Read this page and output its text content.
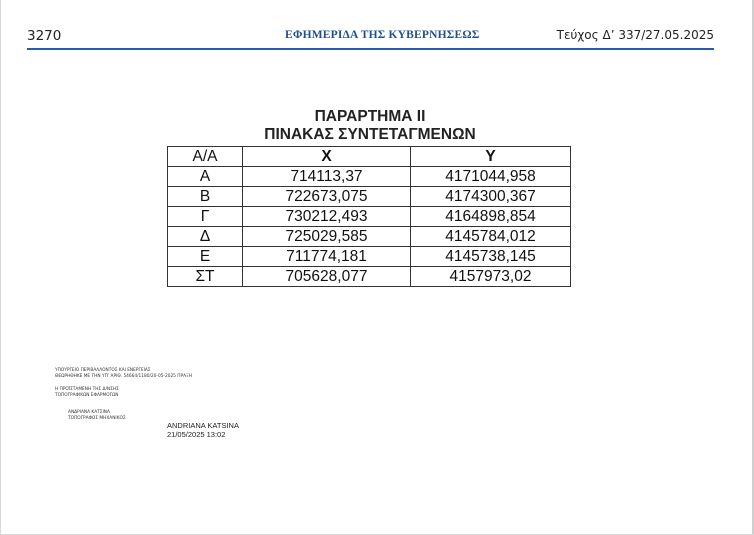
3270	ΕΦΗΜΕΡΙΔΑ ΤΗΣ ΚΥΒΕΡΝΗΣΕΩΣ	Τεύχος Δ’ 337/27.05.2025
ΠΑΡΑΡΤΗΜΑ ΙΙ
ΠΙΝΑΚΑΣ ΣΥΝΤΕΤΑΓΜΕΝΩΝ
Α/Α	X	Y
Α	714113,37	4171044,958
Β	722673,075	4174300,367
Γ	730212,493	4164898,854
Δ	725029,585	4145784,012
Ε	711774,181	4145738,145
ΣΤ	705628,077	4157973,02
ΥΠΟΥΡΓΕΙΟ ΠΕΡΙΒΑΛΛΟΝΤΟΣ ΚΑΙ ΕΝΕΡΓΕΙΑΣ
ΘΕΩΡΗΘΗΚΕ ΜΕ ΤΗΝ ΥΠ’ ΑΡΙΘ. 54664/1180/20-05-2025 ΠΡΑΞΗ
Η ΠΡΟΪΣΤΑΜΕΝΗ ΤΗΣ Δ/ΝΣΗΣ
ΤΟΠΟΓΡΑΦΙΚΩΝ ΕΦΑΡΜΟΓΩΝ
ΑΝΔΡΙΑΝΑ ΚΑΤΣΙΝΑ
ΤΟΠΟΓΡΑΦΟΣ ΜΗΧΑΝΙΚΟΣ
ANDRIANA KATSINA
21/05/2025 13:02
